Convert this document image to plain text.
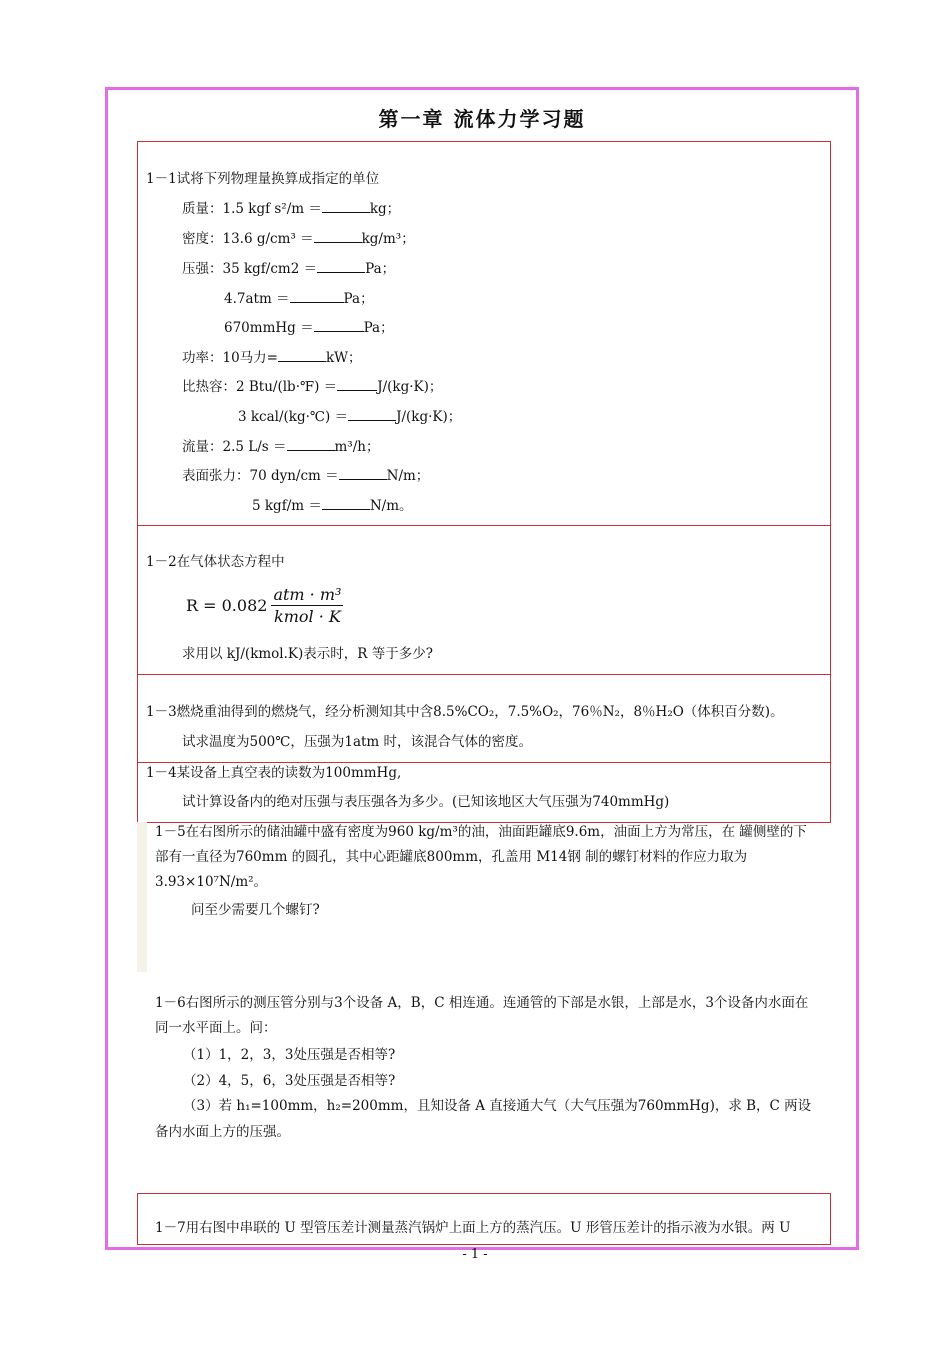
第一章 流体力学习题
1－1试将下列物理量换算成指定的单位
质量：1.5 kgf s²/m ＝	kg；
密度：13.6 g/cm³ ＝	kg/m³；
压强：35 kgf/cm2 ＝	Pa；
4.7atm ＝	Pa；
670mmHg ＝	Pa；
功率：10马力=	kW；
比热容：2 Btu/(lb·℉) ＝	J/(kg·K)；
3 kcal/(kg·℃) ＝	J/(kg·K)；
流量：2.5 L/s ＝	m³/h；
表面张力：70 dyn/cm ＝	N/m；
5 kgf/m ＝	N/m。
1－2在气体状态方程中
$R = 0.082 \frac{\text{atm · m³}}{\text{kmol · K}}$
求用以 kJ/(kmol.K)表示时，R 等于多少?
1－3燃烧重油得到的燃烧气，经分析测知其中含8.5%CO₂，7.5%O₂，76％N₂，8％H₂O（体积百分数)。
试求温度为500℃，压强为1atm 时，该混合气体的密度。
1－4某设备上真空表的读数为100mmHg,
试计算设备内的绝对压强与表压强各为多少。(已知该地区大气压强为740mmHg)
1－5在右图所示的储油罐中盛有密度为960 kg/m³的油，油面距罐底9.6m，油面上方为常压，在 罐侧壁的下部有一直径为760mm 的圆孔，其中心距罐底800mm，孔盖用 M14钢 制的螺钉材料的作应力取为3.93×10⁷N/m²。
问至少需要几个螺钉?
1－6右图所示的测压管分别与3个设备 A，B，C 相连通。连通管的下部是水银，上部是水，3个设备内水面在同一水平面上。问：
（1）1，2，3，3处压强是否相等?
（2）4，5，6，3处压强是否相等?
（3）若 h₁=100mm，h₂=200mm，且知设备 A 直接通大气（大气压强为760mmHg)，求 B，C 两设备内水面上方的压强。
1－7用右图中串联的 U 型管压差计测量蒸汽锅炉上面上方的蒸汽压。U 形管压差计的指示液为水银。两 U
- 1 -
